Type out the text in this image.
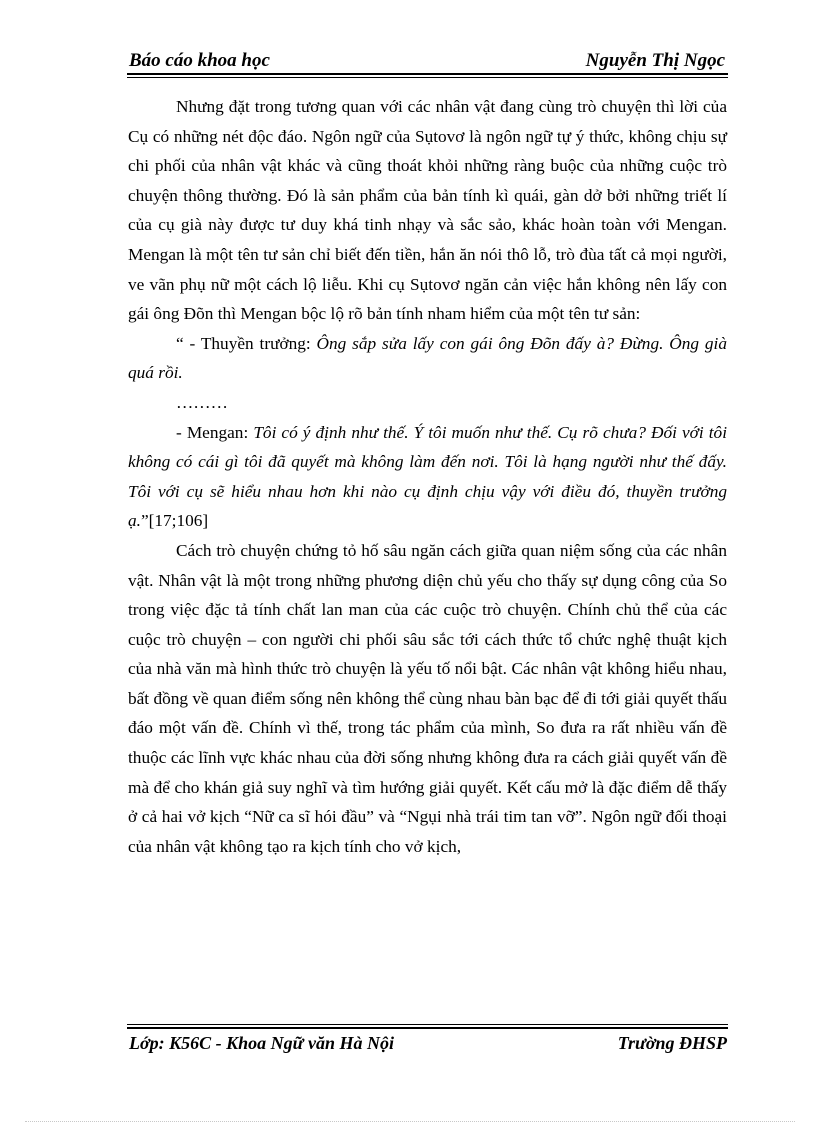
Báo cáo khoa học	Nguyễn Thị Ngọc

Nhưng đặt trong tương quan với các nhân vật đang cùng trò chuyện thì lời của Cụ có những nét độc đáo. Ngôn ngữ của Sụtovơ là ngôn ngữ tự ý thức, không chịu sự chi phối của nhân vật khác và cũng thoát khỏi những ràng buộc của những cuộc trò chuyện thông thường. Đó là sản phẩm của bản tính kì quái, gàn dở bởi những triết lí của cụ già này được tư duy khá tinh nhạy và sắc sảo, khác hoàn toàn với Mengan. Mengan là một tên tư sản chỉ biết đến tiền, hắn ăn nói thô lỗ, trò đùa tất cả mọi người, ve vãn phụ nữ một cách lộ liễu. Khi cụ Sụtovơ ngăn cản việc hắn không nên lấy con gái ông Đõn thì Mengan bộc lộ rõ bản tính nham hiểm của một tên tư sản:

“ - Thuyền trưởng: Ông sắp sửa lấy con gái ông Đõn đấy à? Đừng. Ông già quá rồi.

………

- Mengan: Tôi có ý định như thế. Ý tôi muốn như thế. Cụ rõ chưa? Đối với tôi không có cái gì tôi đã quyết mà không làm đến nơi. Tôi là hạng người như thế đấy. Tôi với cụ sẽ hiểu nhau hơn khi nào cụ định chịu vậy với điều đó, thuyền trưởng ạ.”[17;106]

Cách trò chuyện chứng tỏ hố sâu ngăn cách giữa quan niệm sống của các nhân vật. Nhân vật là một trong những phương diện chủ yếu cho thấy sự dụng công của So trong việc đặc tả tính chất lan man của các cuộc trò chuyện. Chính chủ thể của các cuộc trò chuyện – con người chi phối sâu sắc tới cách thức tổ chức nghệ thuật kịch của nhà văn mà hình thức trò chuyện là yếu tố nổi bật. Các nhân vật không hiểu nhau, bất đồng về quan điểm sống nên không thể cùng nhau bàn bạc để đi tới giải quyết thấu đáo một vấn đề. Chính vì thế, trong tác phẩm của mình, So đưa ra rất nhiều vấn đề thuộc các lĩnh vực khác nhau của đời sống nhưng không đưa ra cách giải quyết vấn đề mà để cho khán giả suy nghĩ và tìm hướng giải quyết. Kết cấu mở là đặc điểm dễ thấy ở cả hai vở kịch “Nữ ca sĩ hói đầu” và “Ngụi nhà trái tim tan vỡ”. Ngôn ngữ đối thoại của nhân vật không tạo ra kịch tính cho vở kịch,

Lớp: K56C - Khoa Ngữ văn Hà Nội	Trường ĐHSP
